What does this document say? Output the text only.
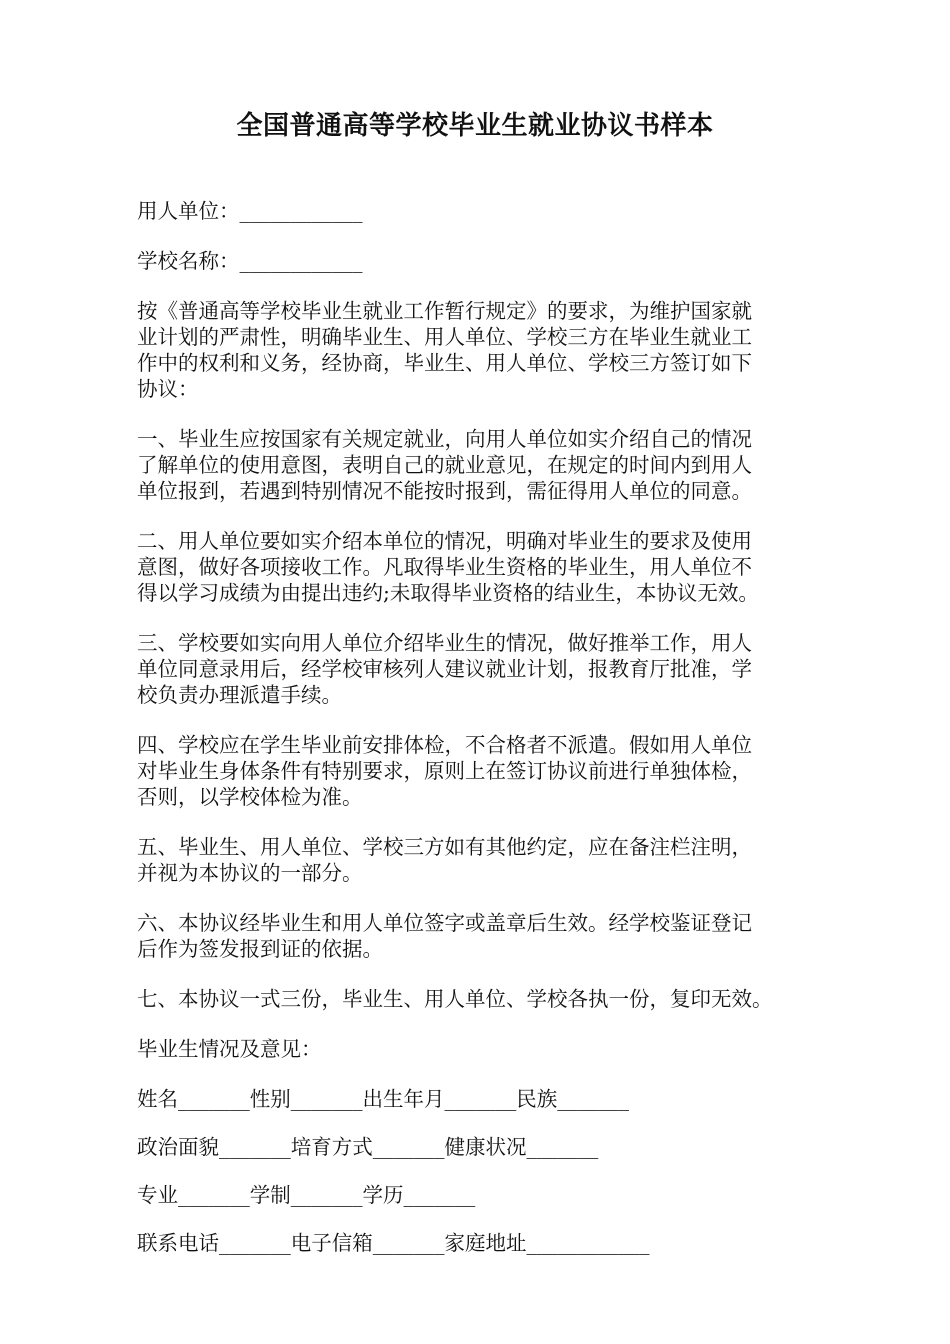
全国普通高等学校毕业生就业协议书样本

用人单位：____________

学校名称：____________

按《普通高等学校毕业生就业工作暂行规定》的要求，为维护国家就
业计划的严肃性，明确毕业生、用人单位、学校三方在毕业生就业工
作中的权利和义务，经协商，毕业生、用人单位、学校三方签订如下
协议：

一、毕业生应按国家有关规定就业，向用人单位如实介绍自己的情况
了解单位的使用意图，表明自己的就业意见，在规定的时间内到用人
单位报到，若遇到特别情况不能按时报到，需征得用人单位的同意。

二、用人单位要如实介绍本单位的情况，明确对毕业生的要求及使用
意图，做好各项接收工作。凡取得毕业生资格的毕业生，用人单位不
得以学习成绩为由提出违约;未取得毕业资格的结业生，本协议无效。

三、学校要如实向用人单位介绍毕业生的情况，做好推举工作，用人
单位同意录用后，经学校审核列人建议就业计划，报教育厅批准，学
校负责办理派遣手续。

四、学校应在学生毕业前安排体检，不合格者不派遣。假如用人单位
对毕业生身体条件有特别要求，原则上在签订协议前进行单独体检，
否则，以学校体检为准。

五、毕业生、用人单位、学校三方如有其他约定，应在备注栏注明，
并视为本协议的一部分。

六、本协议经毕业生和用人单位签字或盖章后生效。经学校鉴证登记
后作为签发报到证的依据。

七、本协议一式三份，毕业生、用人单位、学校各执一份，复印无效。

毕业生情况及意见：

姓名_______性别_______出生年月_______民族_______
政治面貌_______培育方式_______健康状况_______
专业_______学制_______学历_______
联系电话_______电子信箱_______家庭地址____________
